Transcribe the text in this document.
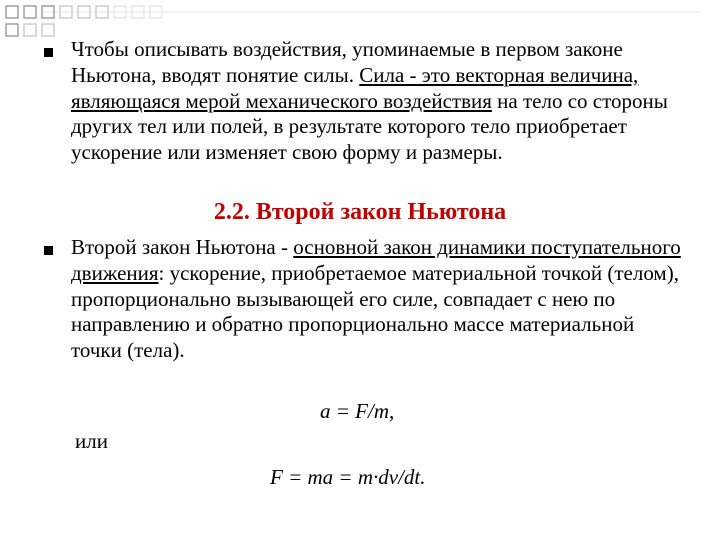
Чтобы описывать воздействия, упоминаемые в первом законе Ньютона, вводят понятие силы. Сила - это векторная величина, являющаяся мерой механического воздействия на тело со стороны других тел или полей, в результате которого тело приобретает ускорение или изменяет свою форму и размеры.
2.2. Второй закон Ньютона
Второй закон Ньютона - основной закон динамики поступательного движения: ускорение, приобретаемое материальной точкой (телом), пропорционально вызывающей его силе, совпадает с нею по направлению и обратно пропорционально массе материальной точки (тела).
a = F/m,
или
F = ma = m·dv/dt.
